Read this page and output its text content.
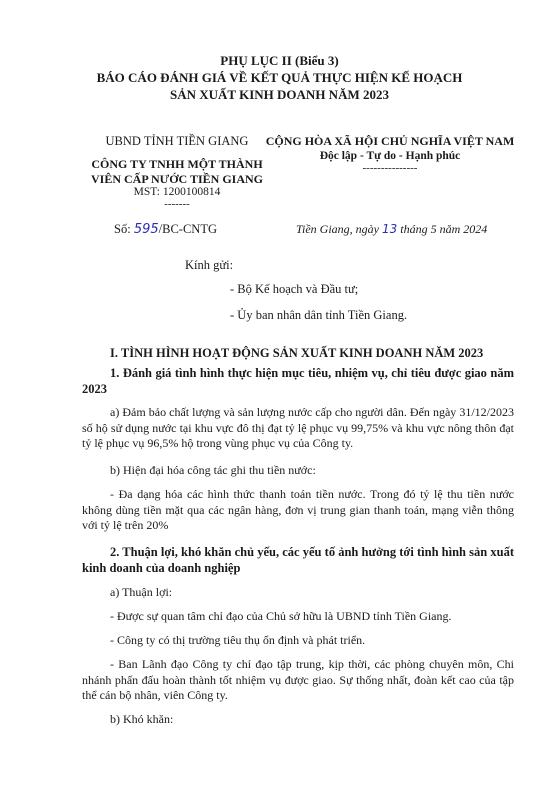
PHỤ LỤC II (Biểu 3)
BÁO CÁO ĐÁNH GIÁ VỀ KẾT QUẢ THỰC HIỆN KẾ HOẠCH
SẢN XUẤT KINH DOANH NĂM 2023
UBND TỈNH TIỀN GIANG
CÔNG TY TNHH MỘT THÀNH
VIÊN CẤP NƯỚC TIỀN GIANG
MST: 1200100814
-------
Số: 595/BC-CNTG
CỘNG HÒA XÃ HỘI CHỦ NGHĨA VIỆT NAM
Độc lập - Tự do - Hạnh phúc
---------------
Tiền Giang, ngày 13 tháng 5 năm 2024
Kính gửi:
- Bộ Kế hoạch và Đầu tư;
- Ủy ban nhân dân tỉnh Tiền Giang.
I. TÌNH HÌNH HOẠT ĐỘNG SẢN XUẤT KINH DOANH NĂM 2023
1. Đánh giá tình hình thực hiện mục tiêu, nhiệm vụ, chỉ tiêu được giao năm 2023
a) Đảm bảo chất lượng và sản lượng nước cấp cho người dân. Đến ngày 31/12/2023 số hộ sử dụng nước tại khu vực đô thị đạt tỷ lệ phục vụ 99,75% và khu vực nông thôn đạt tỷ lệ phục vụ 96,5% hộ trong vùng phục vụ của Công ty.
b) Hiện đại hóa công tác ghi thu tiền nước:
- Đa dạng hóa các hình thức thanh toán tiền nước. Trong đó tỷ lệ thu tiền nước không dùng tiền mặt qua các ngân hàng, đơn vị trung gian thanh toán, mạng viễn thông với tỷ lệ trên 20%
2. Thuận lợi, khó khăn chủ yếu, các yếu tố ảnh hưởng tới tình hình sản xuất kinh doanh của doanh nghiệp
a) Thuận lợi:
- Được sự quan tâm chỉ đạo của Chủ sở hữu là UBND tỉnh Tiền Giang.
- Công ty có thị trường tiêu thụ ổn định và phát triển.
- Ban Lãnh đạo Công ty chỉ đạo tập trung, kịp thời, các phòng chuyên môn, Chi nhánh phấn đấu hoàn thành tốt nhiệm vụ được giao. Sự thống nhất, đoàn kết cao của tập thể cán bộ nhân, viên Công ty.
b) Khó khăn:
